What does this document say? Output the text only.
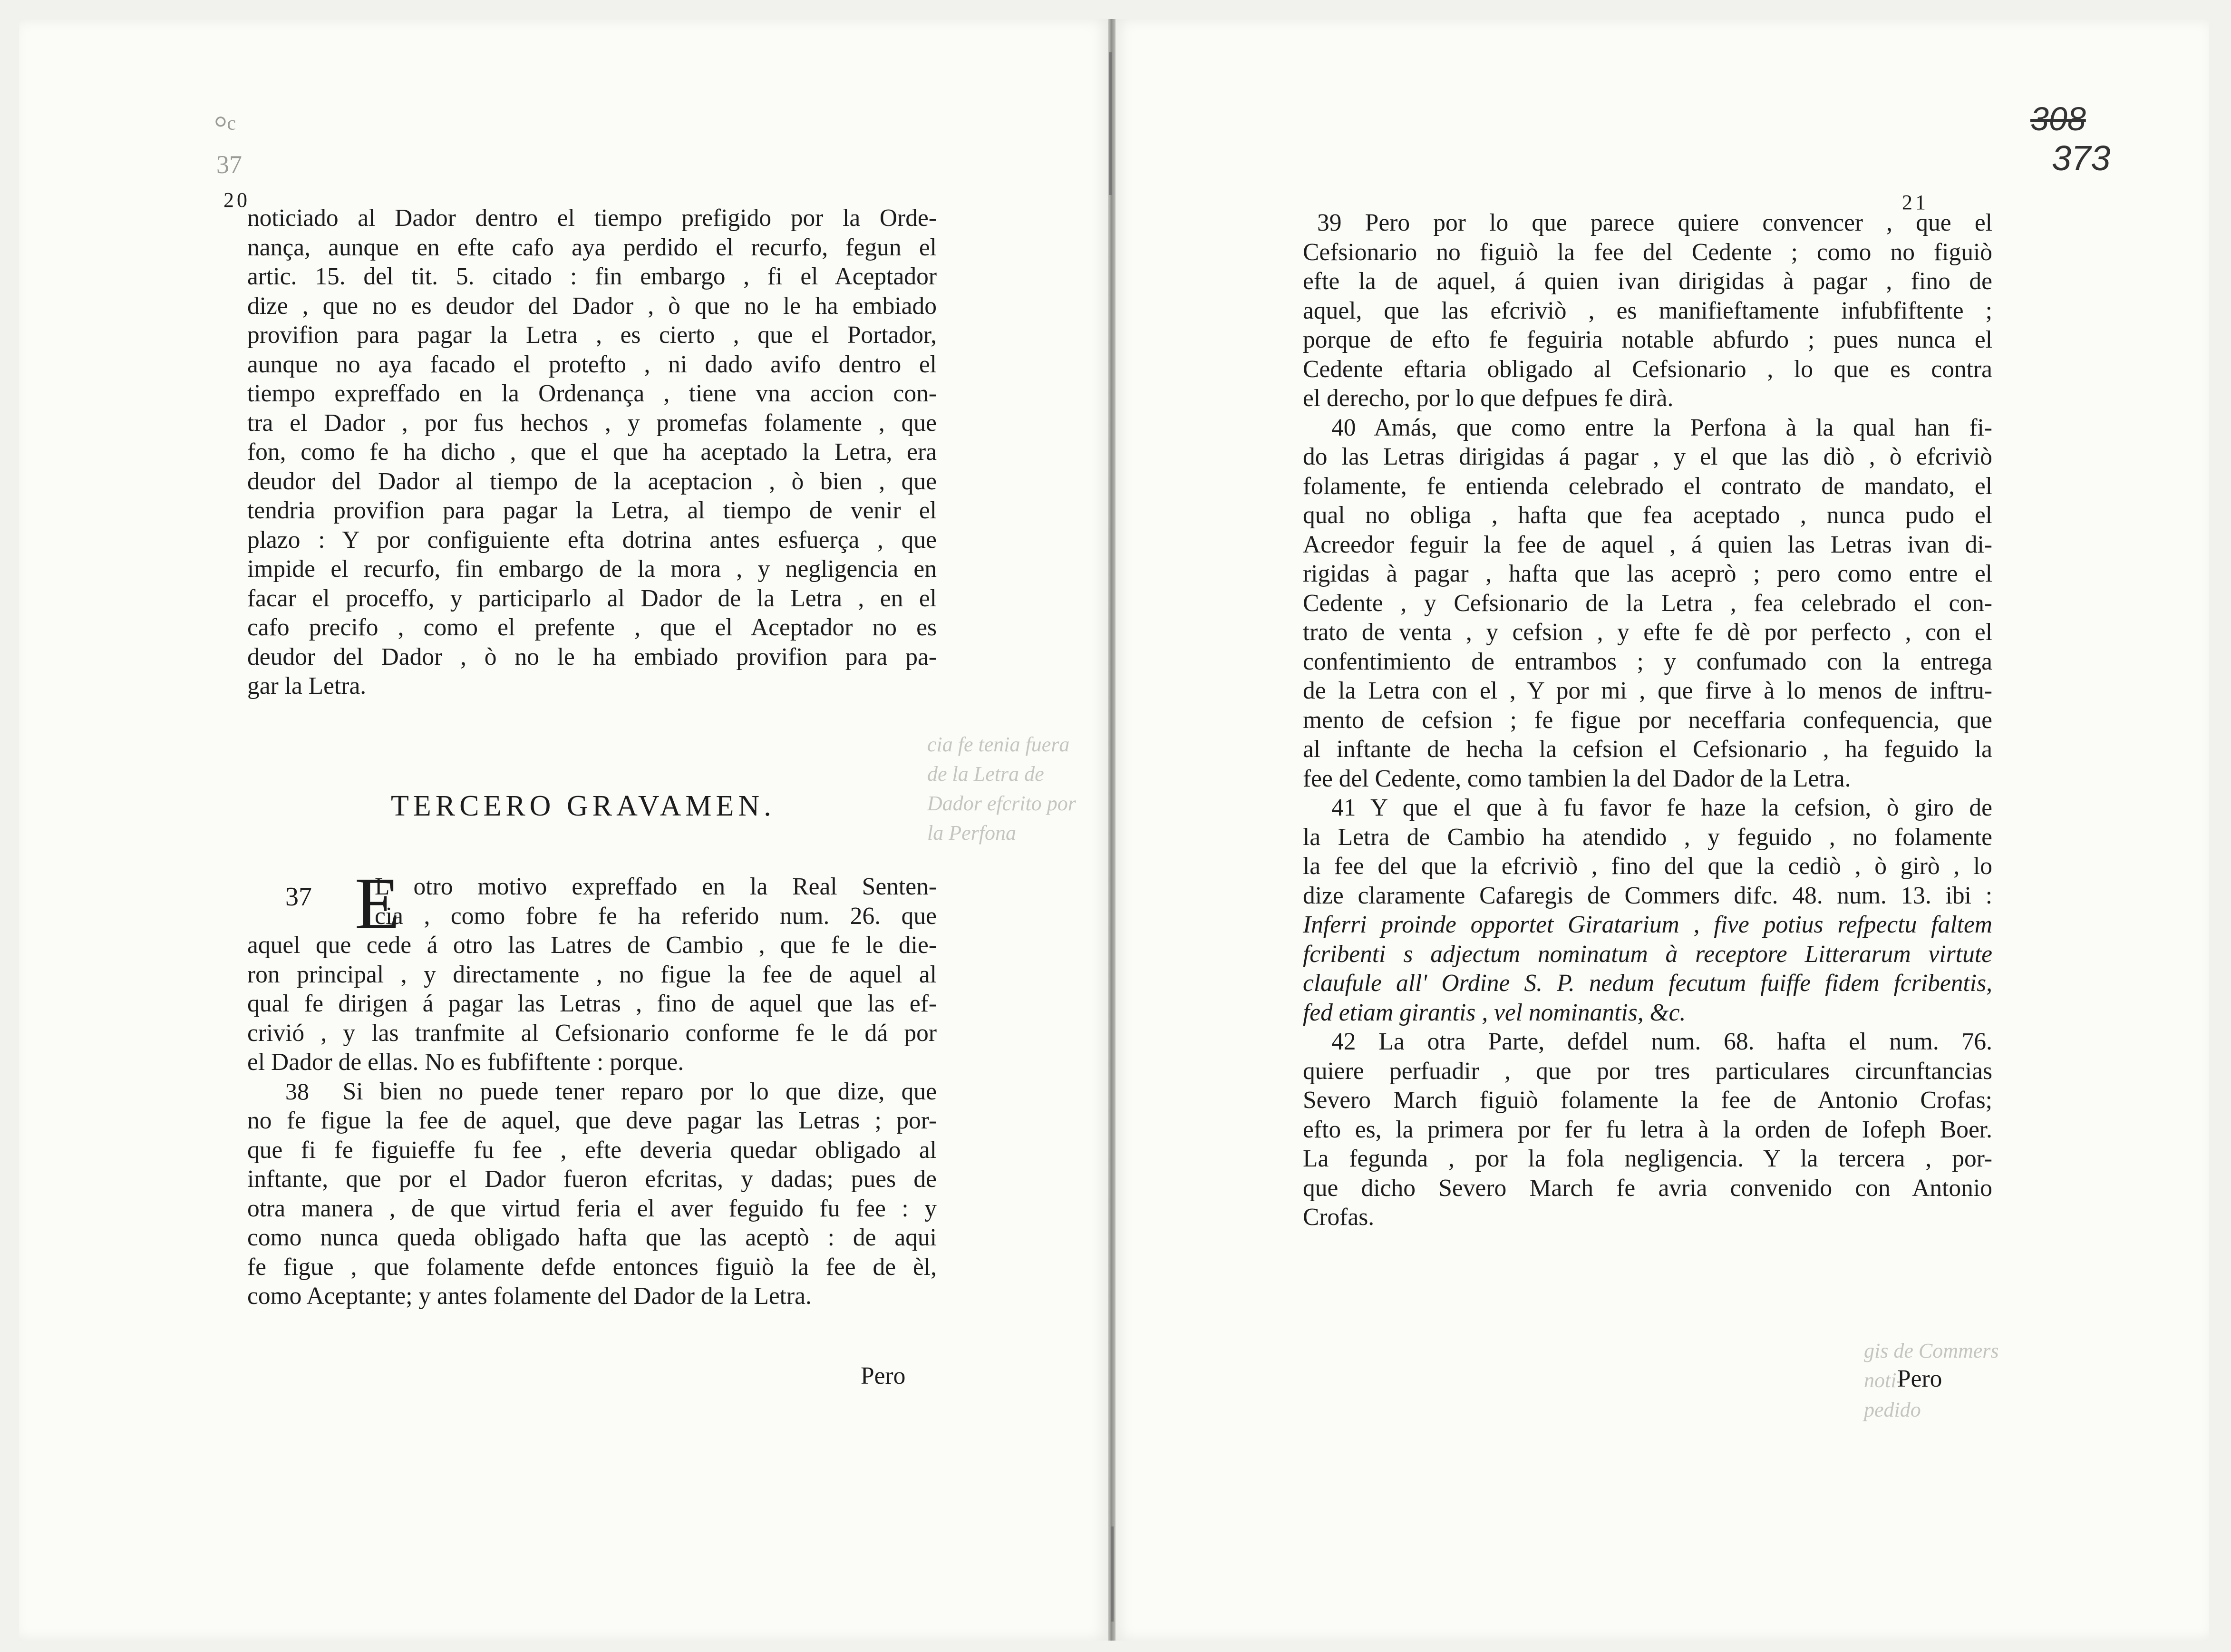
°ᶜ
37
20
cia fe tenia fuera
de la Letra de
Dador efcrito por
la Perfona

noticiado al Dador dentro el tiempo prefigido por la Orde-

nança, aunque en efte cafo aya perdido el recurfo, fegun el

artic. 15. del tit. 5. citado : fin embargo , fi el Aceptador

dize , que no es deudor del Dador , ò que no le ha embiado

provifion para pagar la Letra , es cierto , que el Portador,

aunque no aya facado el protefto , ni dado avifo dentro el

tiempo expreffado en la Ordenança , tiene vna accion con-

tra el Dador , por fus hechos , y promefas folamente , que

fon, como fe ha dicho , que el que ha aceptado la Letra, era

deudor del Dador al tiempo de la aceptacion , ò bien , que

tendria provifion para pagar la Letra, al tiempo de venir el

plazo : Y por configuiente efta dotrina antes esfuerça , que

impide el recurfo, fin embargo de la mora , y negligencia en

facar el proceffo, y participarlo al Dador de la Letra , en el

cafo precifo , como el prefente , que el Aceptador no es

deudor del Dador , ò no le ha embiado provifion para pa-

gar la Letra.

TERCERO GRAVAMEN.
37 E

L otro motivo expreffado en la Real Senten-

cia , como fobre fe ha referido num. 26. que

aquel que cede á otro las Latres de Cambio , que fe le die-

ron principal , y directamente , no figue la fee de aquel al

qual fe dirigen á pagar las Letras , fino de aquel que las ef-

crivió , y las tranfmite al Cefsionario conforme fe le dá por

el Dador de ellas. No es fubfiftente : porque.

38 Si bien no puede tener reparo por lo que dize, que

no fe figue la fee de aquel, que deve pagar las Letras ; por-

que fi fe figuieffe fu fee , efte deveria quedar obligado al

inftante, que por el Dador fueron efcritas, y dadas; pues de

otra manera , de que virtud feria el aver feguido fu fee : y

como nunca queda obligado hafta que las aceptò : de aqui

fe figue , que folamente defde entonces figuiò la fee de èl,

como Aceptante; y antes folamente del Dador de la Letra.

Pero
308
373
21
gis de Commers
noti-
pedido

39 Pero por lo que parece quiere convencer , que el

Cefsionario no figuiò la fee del Cedente ; como no figuiò

efte la de aquel, á quien ivan dirigidas à pagar , fino de

aquel, que las efcriviò , es manifieftamente infubfiftente ;

porque de efto fe feguiria notable abfurdo ; pues nunca el

Cedente eftaria obligado al Cefsionario , lo que es contra

el derecho, por lo que defpues fe dirà.

40 Amás, que como entre la Perfona à la qual han fi-

do las Letras dirigidas á pagar , y el que las diò , ò efcriviò

folamente, fe entienda celebrado el contrato de mandato, el

qual no obliga , hafta que fea aceptado , nunca pudo el

Acreedor feguir la fee de aquel , á quien las Letras ivan di-

rigidas à pagar , hafta que las aceprò ; pero como entre el

Cedente , y Cefsionario de la Letra , fea celebrado el con-

trato de venta , y cefsion , y efte fe dè por perfecto , con el

confentimiento de entrambos ; y confumado con la entrega

de la Letra con el , Y por mi , que firve à lo menos de inftru-

mento de cefsion ; fe figue por neceffaria confequencia, que

al inftante de hecha la cefsion el Cefsionario , ha feguido la

fee del Cedente, como tambien la del Dador de la Letra.

41 Y que el que à fu favor fe haze la cefsion, ò giro de

la Letra de Cambio ha atendido , y feguido , no folamente

la fee del que la efcriviò , fino del que la cediò , ò girò , lo

dize claramente Cafaregis de Commers difc. 48. num. 13. ibi :

Inferri proinde opportet Giratarium , five potius refpectu faltem

fcribenti s adjectum nominatum à receptore Litterarum virtute

claufule all' Ordine S. P. nedum fecutum fuiffe fidem fcribentis,

fed etiam girantis , vel nominantis, &c.

42 La otra Parte, defdel num. 68. hafta el num. 76.

quiere perfuadir , que por tres particulares circunftancias

Severo March figuiò folamente la fee de Antonio Crofas;

efto es, la primera por fer fu letra à la orden de Iofeph Boer.

La fegunda , por la fola negligencia. Y la tercera , por-

que dicho Severo March fe avria convenido con Antonio

Crofas.

Pero
